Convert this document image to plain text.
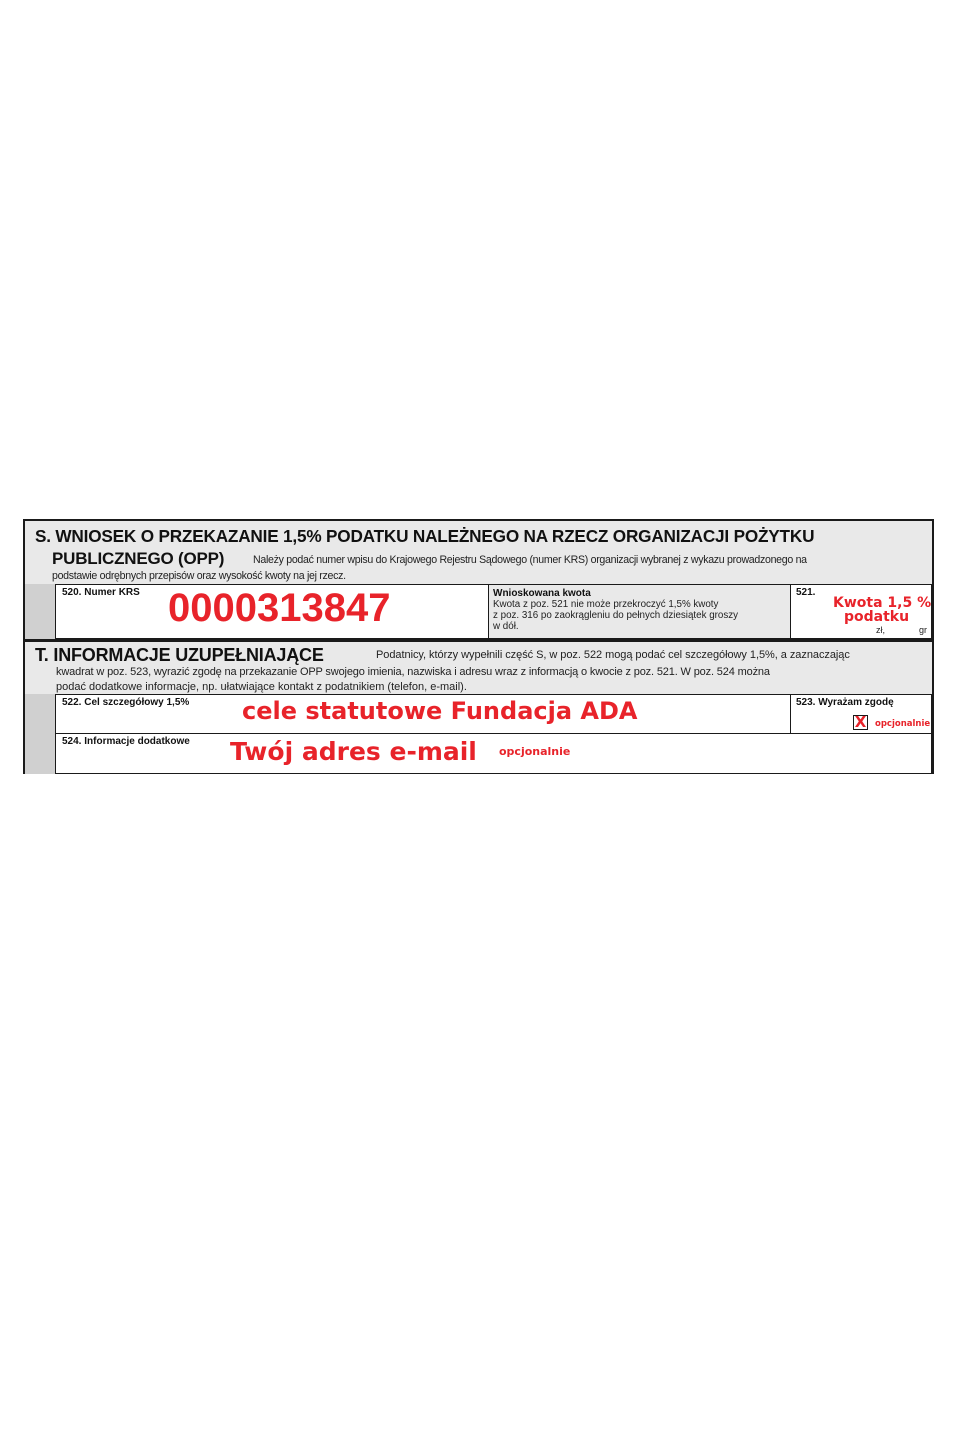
S. WNIOSEK O PRZEKAZANIE 1,5% PODATKU NALEŻNEGO NA RZECZ ORGANIZACJI POŻYTKU
PUBLICZNEGO (OPP)	Należy podać numer wpisu do Krajowego Rejestru Sądowego (numer KRS) organizacji wybranej z wykazu prowadzonego na
podstawie odrębnych przepisów oraz wysokość kwoty na jej rzecz.
520. Numer KRS 0000313847	Wnioskowana kwota
Kwota z poz. 521 nie może przekroczyć 1,5% kwoty
z poz. 316 po zaokrągleniu do pełnych dziesiątek groszy
w dół.
521.
Kwota 1,5 %
podatku
zł,	gr
T. INFORMACJE UZUPEŁNIAJĄCE	Podatnicy, którzy wypełnili część S, w poz. 522 mogą podać cel szczegółowy 1,5%, a zaznaczając
kwadrat w poz. 523, wyrazić zgodę na przekazanie OPP swojego imienia, nazwiska i adresu wraz z informacją o kwocie z poz. 521. W poz. 524 można
podać dodatkowe informacje, np. ułatwiające kontakt z podatnikiem (telefon, e-mail).
522. Cel szczegółowy 1,5% cele statutowe Fundacja ADA	523. Wyrażam zgodę
X opcjonalnie
524. Informacje dodatkowe Twój adres e-mail opcjonalnie
